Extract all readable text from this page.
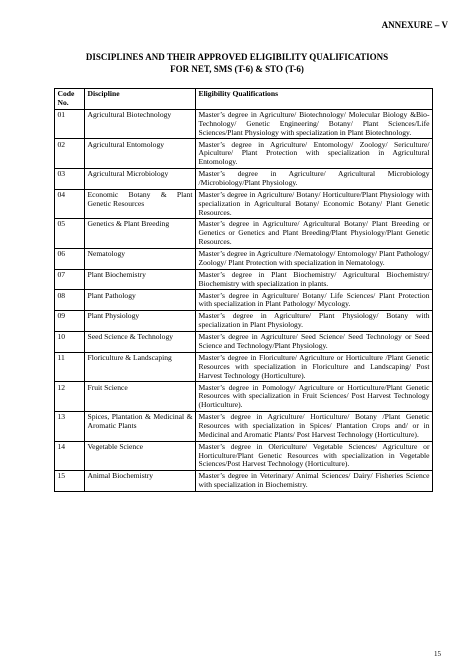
ANNEXURE – V
DISCIPLINES AND THEIR APPROVED ELIGIBILITY QUALIFICATIONS
FOR NET, SMS (T-6) & STO (T-6)
Code No.	Discipline	Eligibility Qualifications
01	Agricultural Biotechnology	Master’s degree in Agriculture/ Biotechnology/ Molecular Biology &Bio-Technology/ Genetic Engineering/ Botany/ Plant Sciences/Life Sciences/Plant Physiology with specialization in Plant Biotechnology.
02	Agricultural Entomology	Master’s degree in Agriculture/ Entomology/ Zoology/ Sericulture/ Apiculture/ Plant Protection with specialization in Agricultural Entomology.
03	Agricultural Microbiology	Master’s degree in Agriculture/ Agricultural Microbiology /Microbiology/Plant Physiology.
04	Economic Botany & Plant Genetic Resources	Master’s degree in Agriculture/ Botany/ Horticulture/Plant Physiology with specialization in Agricultural Botany/ Economic Botany/ Plant Genetic Resources.
05	Genetics & Plant Breeding	Master’s degree in Agriculture/ Agricultural Botany/ Plant Breeding or Genetics or Genetics and Plant Breeding/Plant Physiology/Plant Genetic Resources.
06	Nematology	Master’s degree in Agriculture /Nematology/ Entomology/ Plant Pathology/ Zoology/ Plant Protection with specialization in Nematology.
07	Plant Biochemistry	Master’s degree in Plant Biochemistry/ Agricultural Biochemistry/ Biochemistry with specialization in plants.
08	Plant Pathology	Master’s degree in Agriculture/ Botany/ Life Sciences/ Plant Protection with specialization in Plant Pathology/ Mycology.
09	Plant Physiology	Master’s degree in Agriculture/ Plant Physiology/ Botany with specialization in Plant Physiology.
10	Seed Science & Technology	Master’s degree in Agriculture/ Seed Science/ Seed Technology or Seed Science and Technology/Plant Physiology.
11	Floriculture & Landscaping	Master’s degree in Floriculture/ Agriculture or Horticulture /Plant Genetic Resources with specialization in Floriculture and Landscaping/ Post Harvest Technology (Horticulture).
12	Fruit Science	Master’s degree in Pomology/ Agriculture or Horticulture/Plant Genetic Resources with specialization in Fruit Sciences/ Post Harvest Technology (Horticulture).
13	Spices, Plantation & Medicinal & Aromatic Plants	Master’s degree in Agriculture/ Horticulture/ Botany /Plant Genetic Resources with specialization in Spices/ Plantation Crops and/ or in Medicinal and Aromatic Plants/ Post Harvest Technology (Horticulture).
14	Vegetable Science	Master’s degree in Olericulture/ Vegetable Sciences/ Agriculture or Horticulture/Plant Genetic Resources with specialization in Vegetable Sciences/Post Harvest Technology (Horticulture).
15	Animal Biochemistry	Master’s degree in Veterinary/ Animal Sciences/ Dairy/ Fisheries Science with specialization in Biochemistry.
15
